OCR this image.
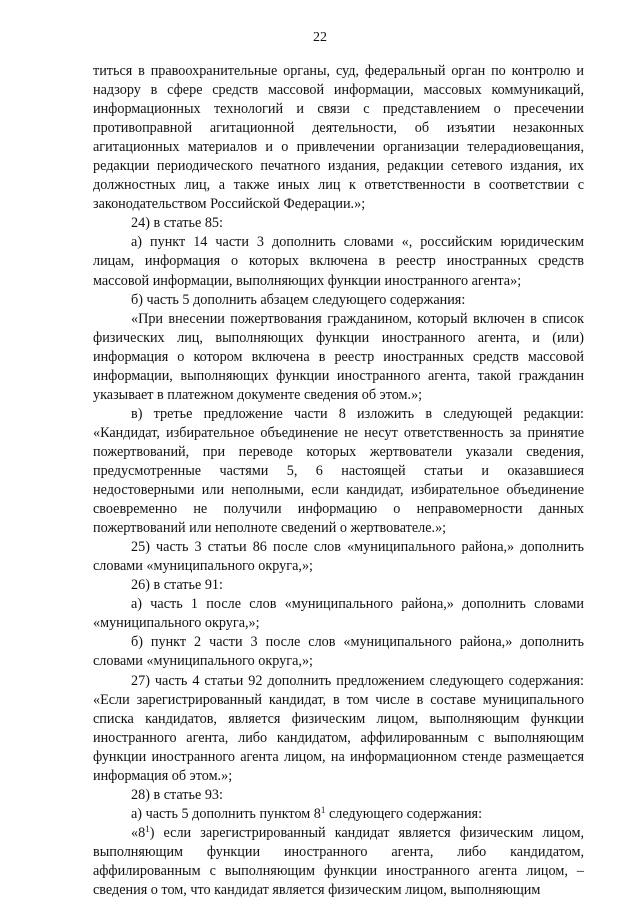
22

титься в правоохранительные органы, суд, федеральный орган по контролю и надзору в сфере средств массовой информации, массовых коммуникаций, информационных технологий и связи с представлением о пресечении противоправной агитационной деятельности, об изъятии незаконных агитационных материалов и о привлечении организации телерадиовещания, редакции периодического печатного издания, редакции сетевого издания, их должностных лиц, а также иных лиц к ответственности в соответствии с законодательством Российской Федерации.»;

24) в статье 85:

а) пункт 14 части 3 дополнить словами «, российским юридическим лицам, информация о которых включена в реестр иностранных средств массовой информации, выполняющих функции иностранного агента»;

б) часть 5 дополнить абзацем следующего содержания:

«При внесении пожертвования гражданином, который включен в список физических лиц, выполняющих функции иностранного агента, и (или) информация о котором включена в реестр иностранных средств массовой информации, выполняющих функции иностранного агента, такой гражданин указывает в платежном документе сведения об этом.»;

в) третье предложение части 8 изложить в следующей редакции: «Кандидат, избирательное объединение не несут ответственность за принятие пожертвований, при переводе которых жертвователи указали сведения, предусмотренные частями 5, 6 настоящей статьи и оказавшиеся недостоверными или неполными, если кандидат, избирательное объединение своевременно не получили информацию о неправомерности данных пожертвований или неполноте сведений о жертвователе.»;

25) часть 3 статьи 86 после слов «муниципального района,» дополнить словами «муниципального округа,»;

26) в статье 91:

а) часть 1 после слов «муниципального района,» дополнить словами «муниципального округа,»;

б) пункт 2 части 3 после слов «муниципального района,» дополнить словами «муниципального округа,»;

27) часть 4 статьи 92 дополнить предложением следующего содержания: «Если зарегистрированный кандидат, в том числе в составе муниципального списка кандидатов, является физическим лицом, выполняющим функции иностранного агента, либо кандидатом, аффилированным с выполняющим функции иностранного агента лицом, на информационном стенде размещается информация об этом.»;

28) в статье 93:

а) часть 5 дополнить пунктом $8^1$ следующего содержания:

«$8^1$) если зарегистрированный кандидат является физическим лицом, выполняющим функции иностранного агента, либо кандидатом, аффилированным с выполняющим функции иностранного агента лицом, – сведения о том, что кандидат является физическим лицом, выполняющим
